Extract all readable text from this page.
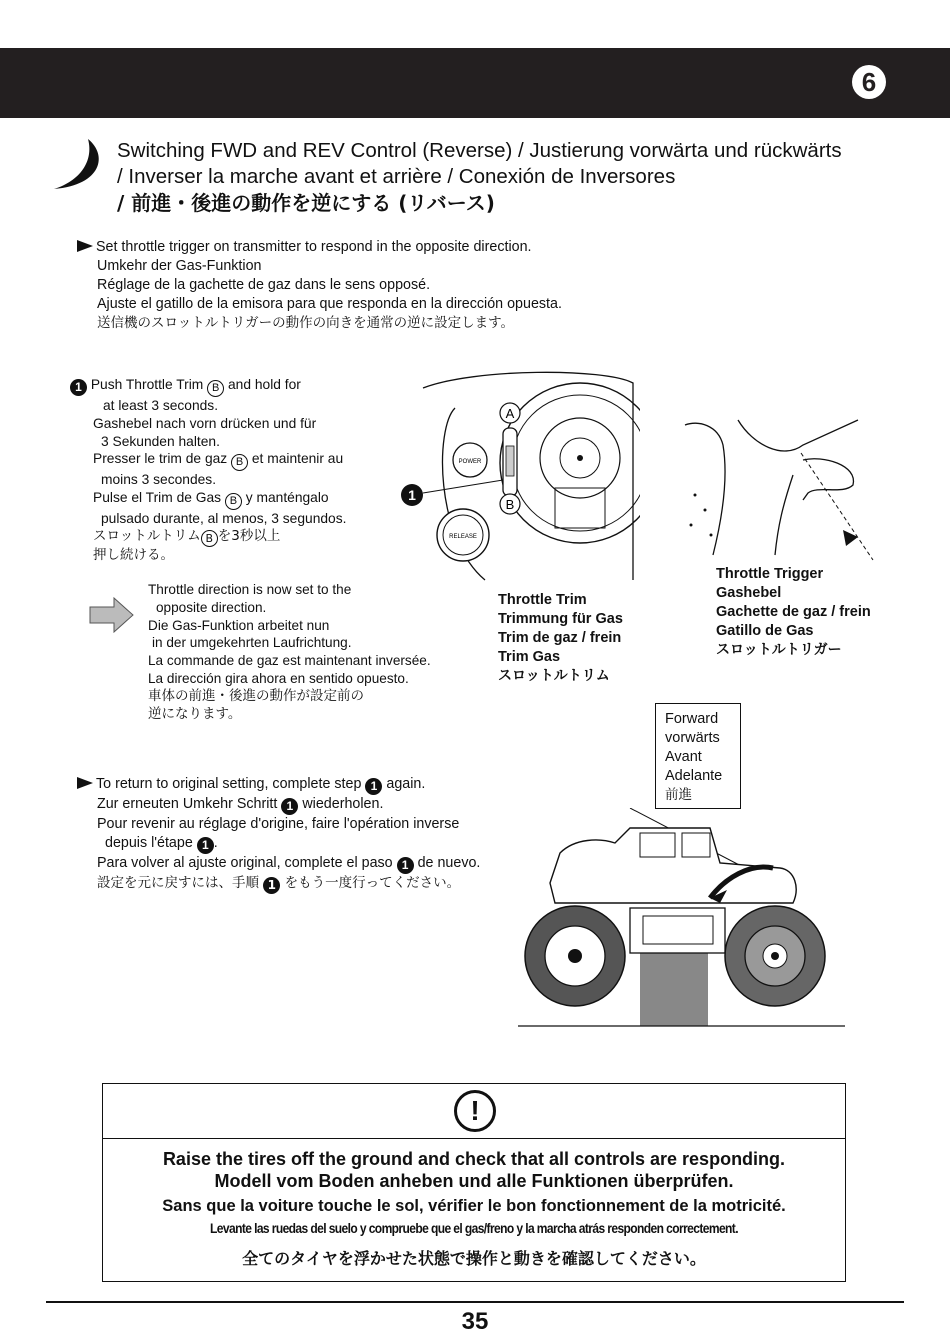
6
Switching FWD and REV Control (Reverse) / Justierung vorwärta und rückwärts
/ Inverser la marche avant et arrière / Conexión de Inversores
/ 前進・後進の動作を逆にする (リバース)
Set throttle trigger on transmitter to respond in the opposite direction.
Umkehr der Gas-Funktion
Réglage de la gachette de gaz dans le sens opposé.
Ajuste el gatillo de la emisora para que responda en la dirección opuesta.
送信機のスロットルトリガーの動作の向きを通常の逆に設定します。
1 Push Throttle Trim B and hold for
at least 3 seconds.
Gashebel nach vorn drücken und für
3 Sekunden halten.
Presser le trim de gaz B et maintenir au
moins 3 secondes.
Pulse el Trim de Gas B y manténgalo
pulsado durante, al menos, 3 segundos.
スロットルトリム B を3秒以上
押し続ける。
POWER
A
B
RELEASE
1
Throttle direction is now set to the
opposite direction.
Die Gas-Funktion arbeitet nun
in der umgekehrten Laufrichtung.
La commande de gaz est maintenant inversée.
La dirección gira ahora en sentido opuesto.
車体の前進・後進の動作が設定前の
逆になります。
Throttle Trim
Trimmung für Gas
Trim de gaz / frein
Trim Gas
スロットルトリム
Throttle Trigger
Gashebel
Gachette de gaz / frein
Gatillo de Gas
スロットルトリガー
Forward
vorwärts
Avant
Adelante
前進
To return to original setting, complete step 1 again.
Zur erneuten Umkehr Schritt 1 wiederholen.
Pour revenir au réglage d'origine, faire l'opération inverse
depuis l'étape 1 .
Para volver al ajuste original, complete el paso 1 de nuevo.
設定を元に戻すには、手順 1 をもう一度行ってください。
!
Raise the tires off the ground and check that all controls are responding.
Modell vom Boden anheben und alle Funktionen überprüfen.
Sans que la voiture touche le sol, vérifier le bon fonctionnement de la motricité.
Levante las ruedas del suelo y compruebe que el gas/freno y la marcha atrás responden correctement.
全てのタイヤを浮かせた状態で操作と動きを確認してください。
35
